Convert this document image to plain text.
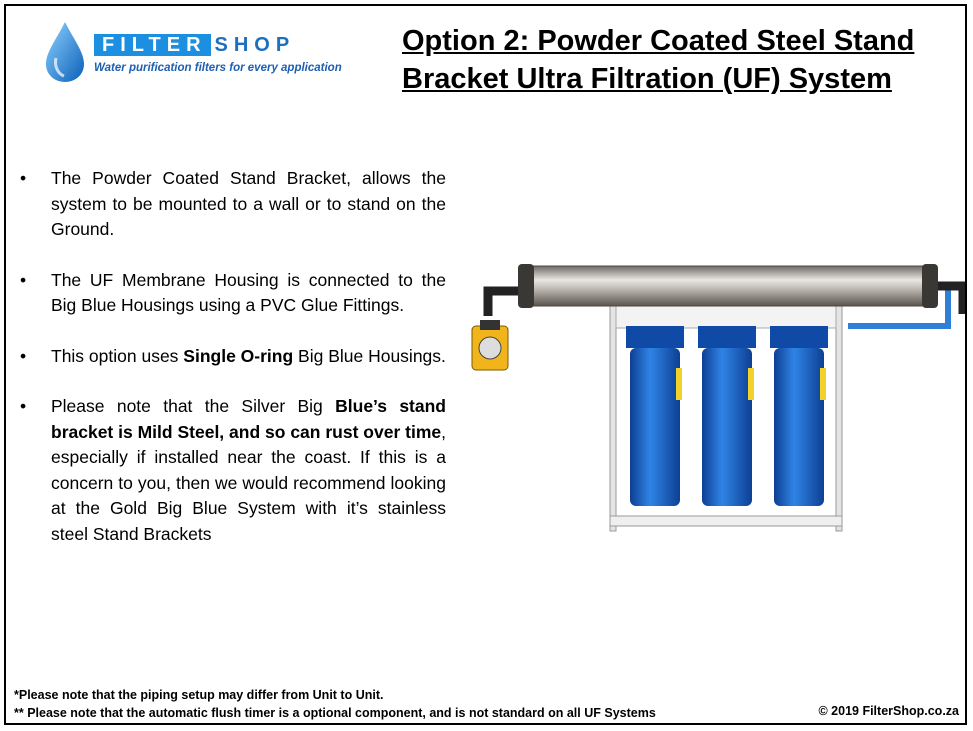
FILTER SHOP
Water purification filters for every application
Option 2: Powder Coated Steel Stand Bracket Ultra Filtration (UF) System
• The Powder Coated Stand Bracket, allows the system to be mounted to a wall or to stand on the Ground.
• The UF Membrane Housing is connected to the Big Blue Housings using a PVC Glue Fittings.
• This option uses Single O-ring Big Blue Housings.
• Please note that the Silver Big Blue’s stand bracket is Mild Steel, and so can rust over time, especially if installed near the coast. If this is a concern to you, then we would recommend looking at the Gold Big Blue System with it’s stainless steel Stand Brackets
*Please note that the piping setup may differ from Unit to Unit.
** Please note that the automatic flush timer is a optional component, and is not standard on all UF Systems	© 2019 FilterShop.co.za
